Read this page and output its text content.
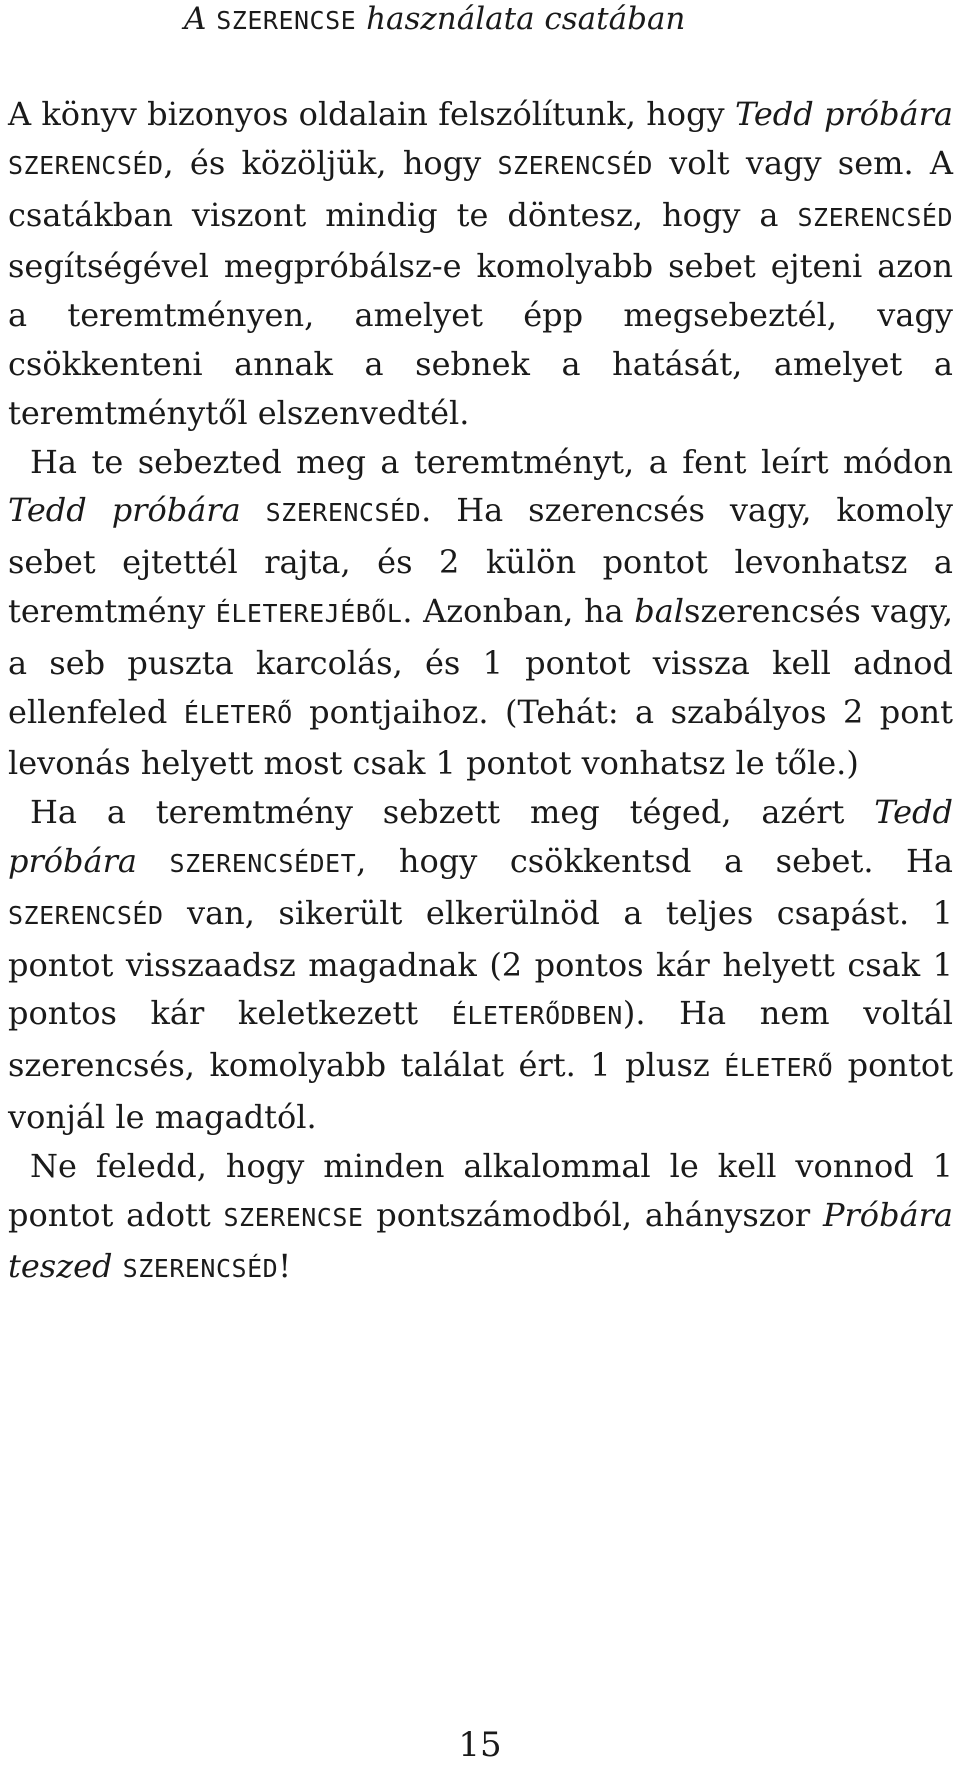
A SZERENCSE használata csatában

A könyv bizonyos oldalain felszólítunk, hogy Tedd próbára SZERENCSÉD, és közöljük, hogy SZERENCSÉD volt vagy sem. A csatákban viszont mindig te döntesz, hogy a SZERENCSÉD segítségével megpróbálsz-e komolyabb sebet ejteni azon a teremtményen, amelyet épp megsebeztél, vagy csökkenteni annak a sebnek a hatását, amelyet a teremtménytől elszenvedtél.

Ha te sebezted meg a teremtményt, a fent leírt módon Tedd próbára SZERENCSÉD. Ha szerencsés vagy, komoly sebet ejtettél rajta, és 2 külön pontot levonhatsz a teremtmény ÉLETEREJÉBŐL. Azonban, ha balszerencsés vagy, a seb puszta karcolás, és 1 pontot vissza kell adnod ellenfeled ÉLETERŐ pontjaihoz. (Tehát: a szabályos 2 pont levonás helyett most csak 1 pontot vonhatsz le tőle.)

Ha a teremtmény sebzett meg téged, azért Tedd próbára SZERENCSÉDET, hogy csökkentsd a sebet. Ha SZERENCSÉD van, sikerült elkerülnöd a teljes csapást. 1 pontot visszaadsz magadnak (2 pontos kár helyett csak 1 pontos kár keletkezett ÉLETERŐDBEN). Ha nem voltál szerencsés, komolyabb találat ért. 1 plusz ÉLETERŐ pontot vonjál le magadtól.

Ne feledd, hogy minden alkalommal le kell vonnod 1 pontot adott SZERENCSE pontszámodból, ahányszor Próbára teszed SZERENCSÉD!

15
